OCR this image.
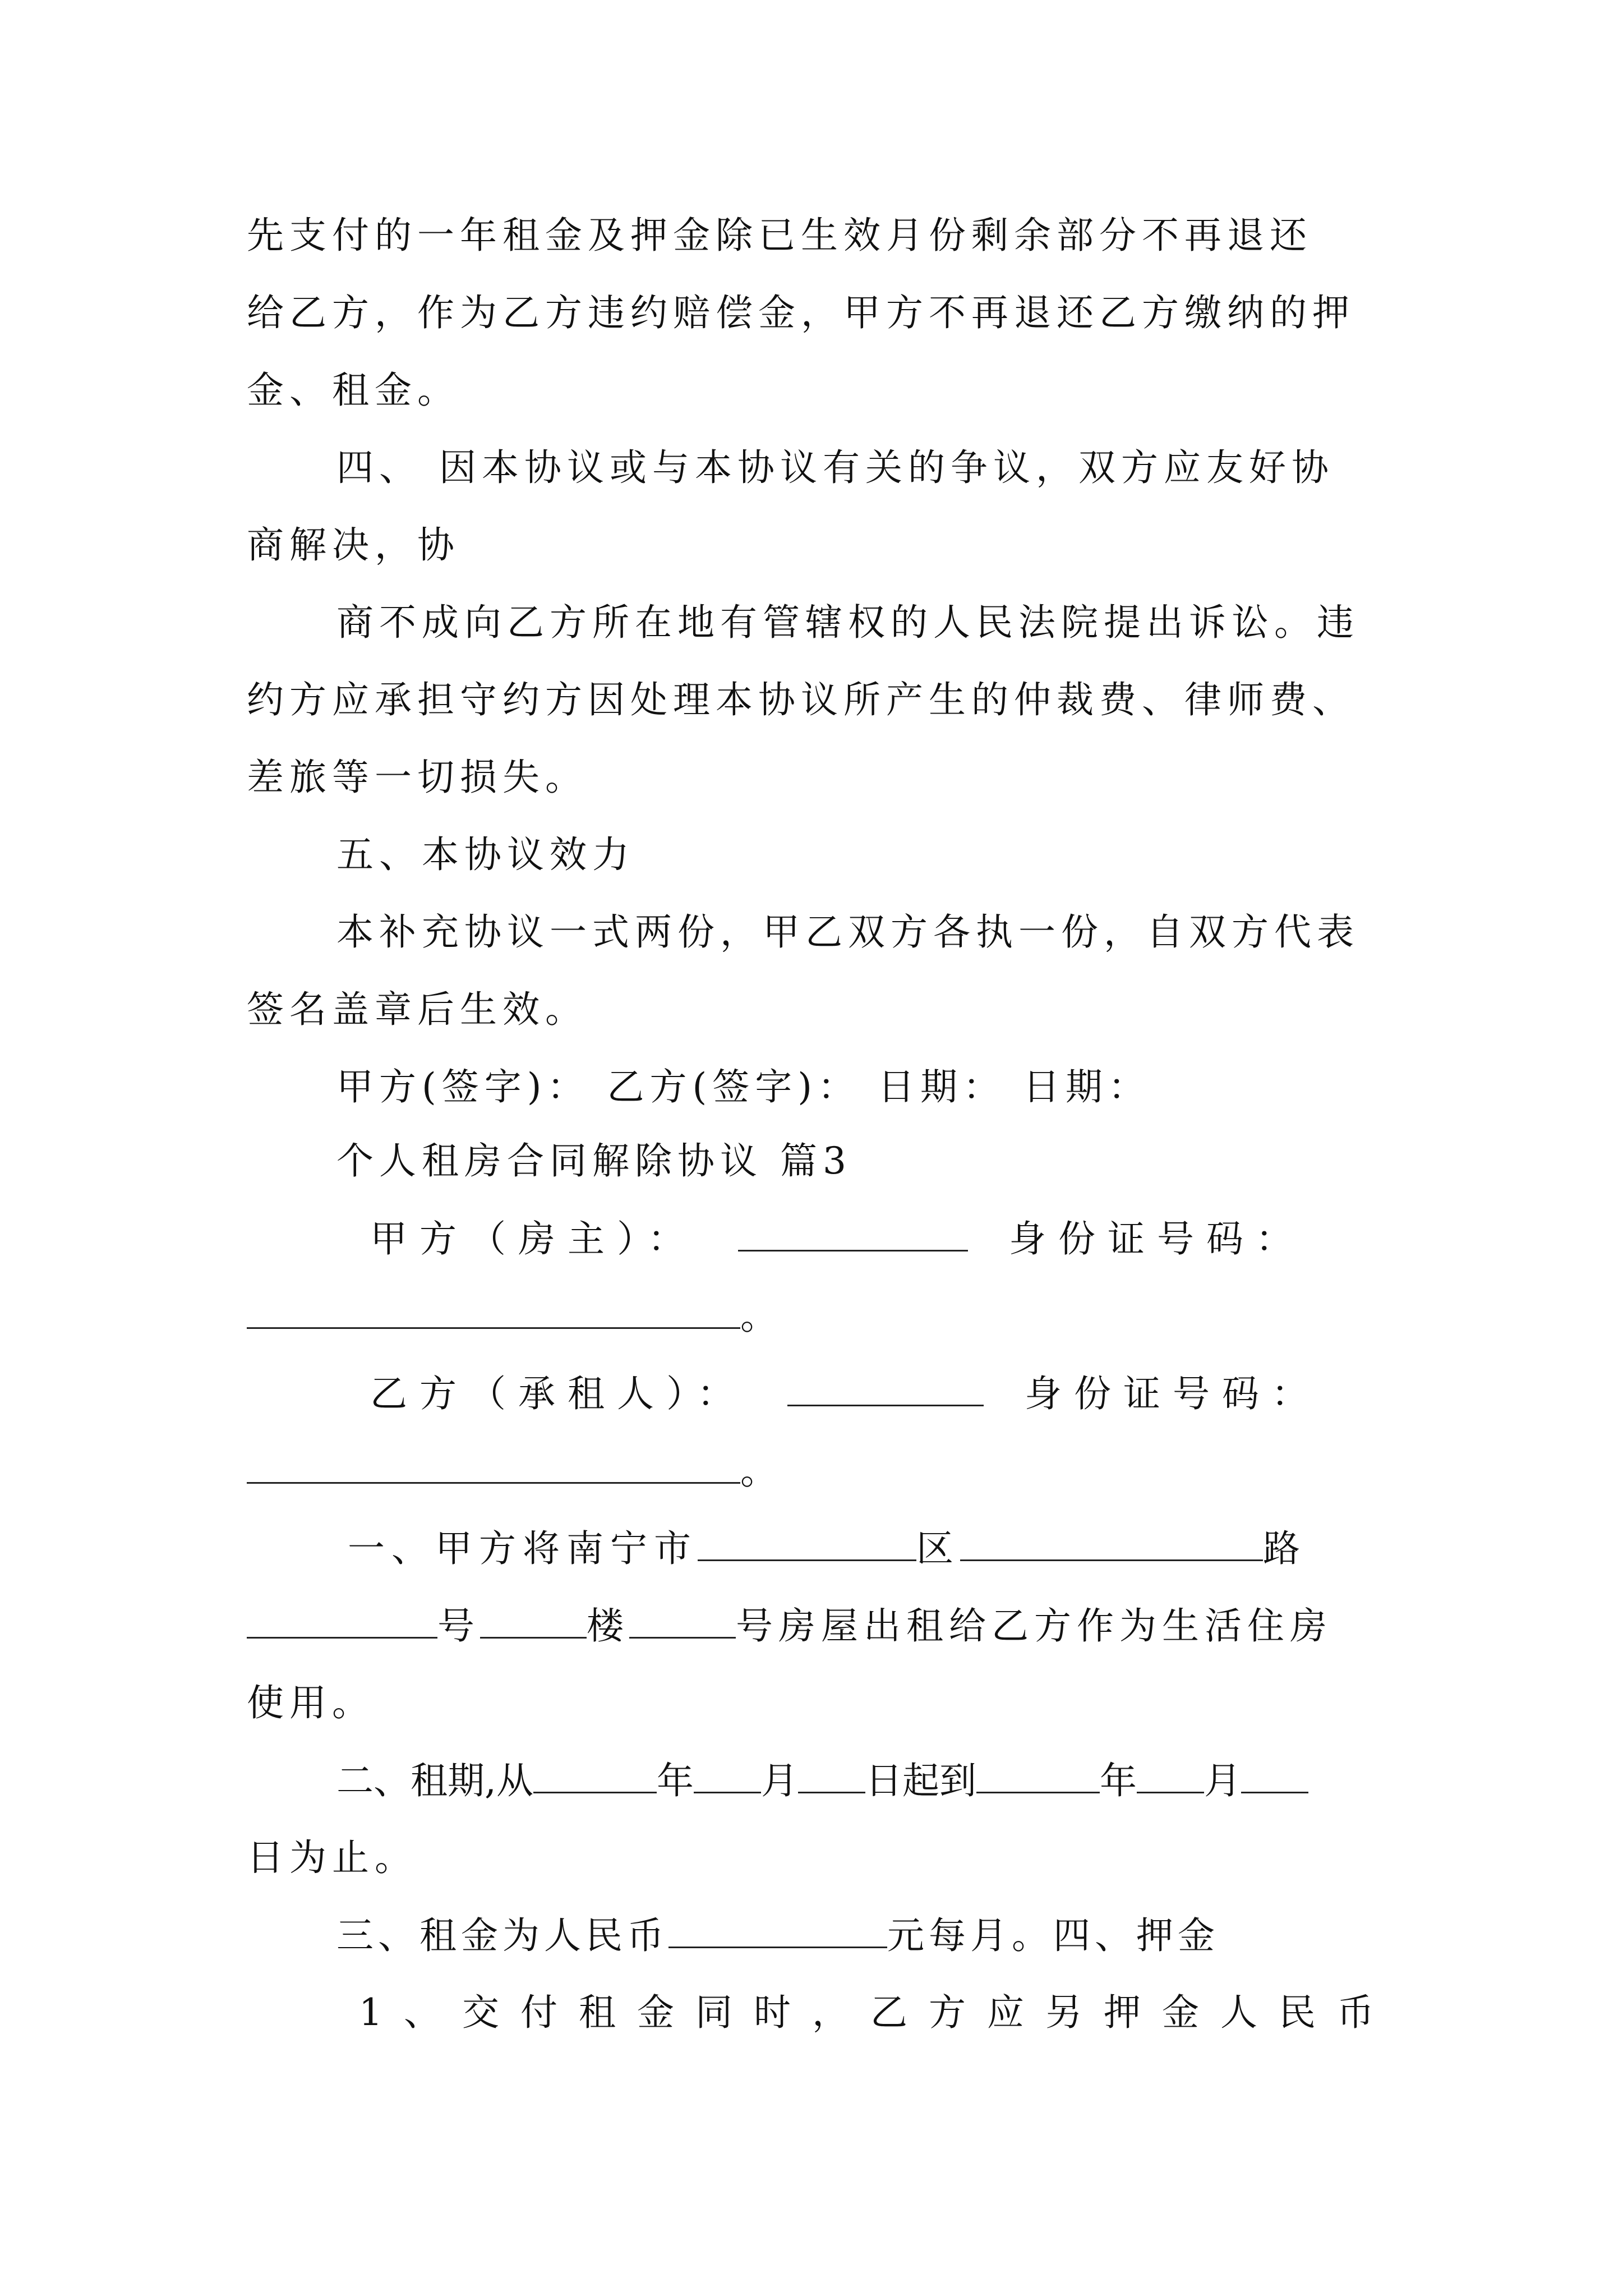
先支付的一年租金及押金除已生效月份剩余部分不再退还
给乙方，作为乙方违约赔偿金，甲方不再退还乙方缴纳的押
金、租金。
四、 因本协议或与本协议有关的争议，双方应友好协
商解决，协
商不成向乙方所在地有管辖权的人民法院提出诉讼。违
约方应承担守约方因处理本协议所产生的仲裁费、律师费、
差旅等一切损失。
五、本协议效力
本补充协议一式两份，甲乙双方各执一份，自双方代表
签名盖章后生效。
甲方(签字)： 乙方(签字)： 日期： 日期：
个人租房合同解除协议 篇3
甲方（房主）：	身份证号码：
。
乙方（承租人）：	身份证号码：
。
一、甲方将南宁市	区	路
号	楼	号房屋出租给乙方作为生活住房
使用。
二、租期,从	年 月 日起到	年 月
日为止。
三、租金为人民币	元每月。四、押金
1、交付租金同时，乙方应另押金人民币
